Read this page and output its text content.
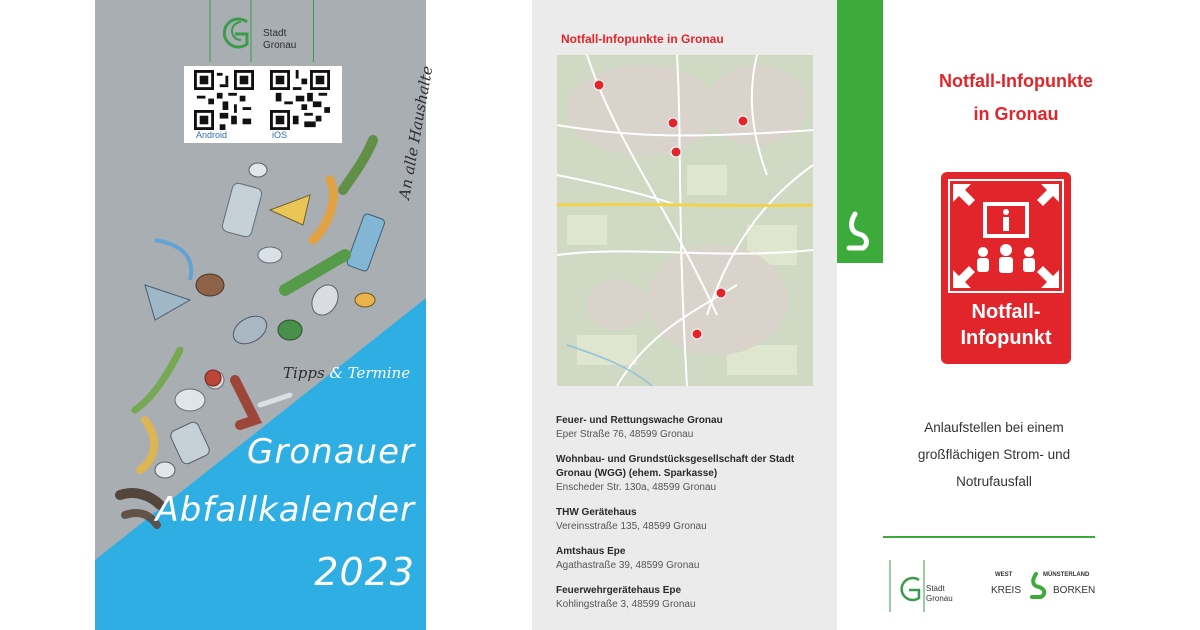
Stadt
Gronau
Android	iOS	An alle Haushalte
Tipps & Termine
Gronauer
Abfallkalender
2023
Notfall-Infopunkte in Gronau
Feuer- und Rettungswache Gronau
Eper Straße 76, 48599 Gronau
Wohnbau- und Grundstücksgesellschaft der Stadt Gronau (WGG) (ehem. Sparkasse)
Enscheder Str. 130a, 48599 Gronau
THW Gerätehaus
Vereinsstraße 135, 48599 Gronau
Amtshaus Epe
Agathastraße 39, 48599 Gronau
Feuerwehrgerätehaus Epe
Kohlingstraße 3, 48599 Gronau
Notfall-Infopunkte
in Gronau
Notfall-
Infopunkt
Anlaufstellen bei einem
großflächigen Strom- und
Notrufausfall
Stadt
Gronau
WEST	MÜNSTERLAND
KREIS	BORKEN
